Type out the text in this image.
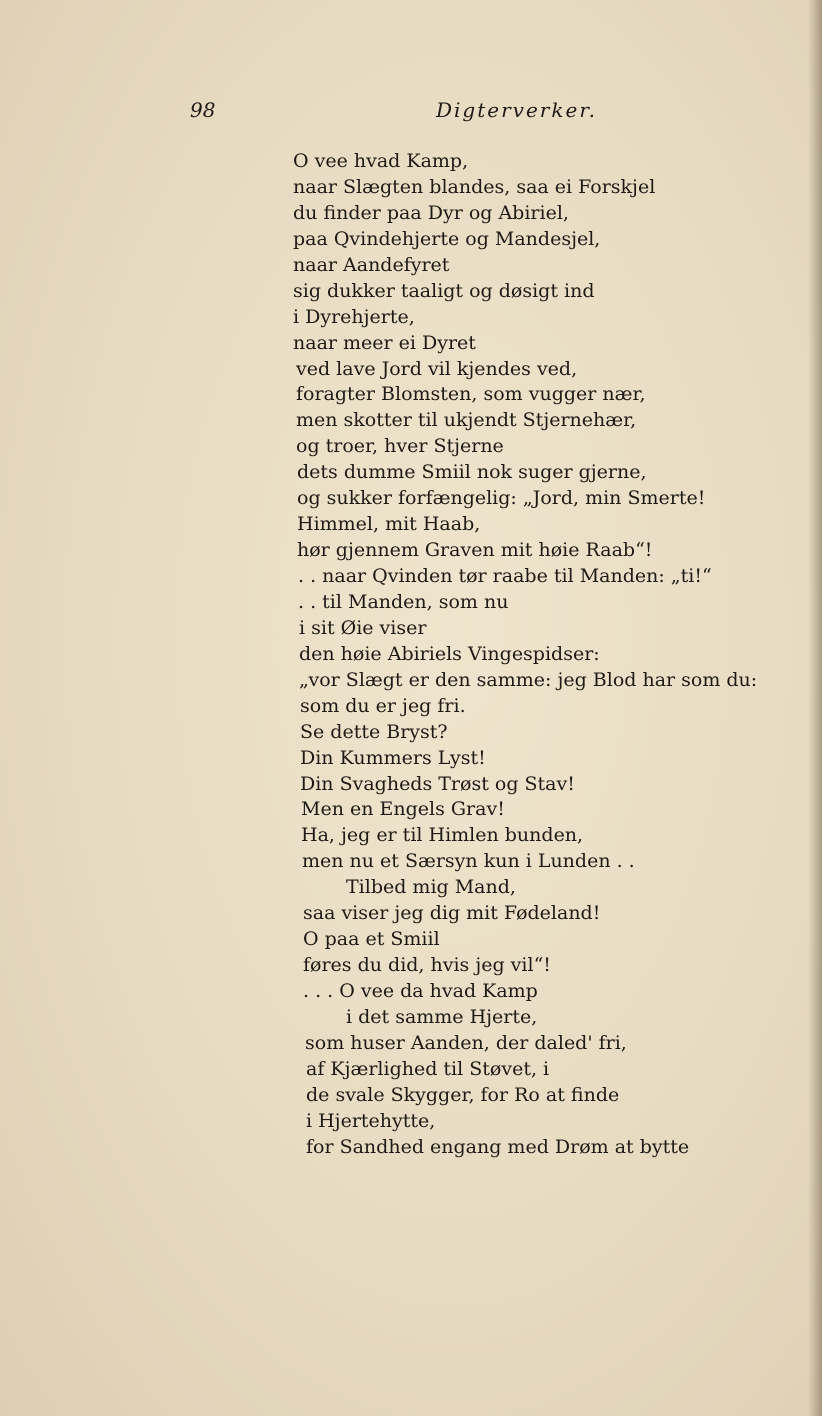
98	Digterverker.
O vee hvad Kamp,
naar Slægten blandes, saa ei Forskjel
du finder paa Dyr og Abiriel,
paa Qvindehjerte og Mandesjel,
naar Aandefyret
sig dukker taaligt og døsigt ind
i Dyrehjerte,
naar meer ei Dyret
ved lave Jord vil kjendes ved,
foragter Blomsten, som vugger nær,
men skotter til ukjendt Stjernehær,
og troer, hver Stjerne
dets dumme Smiil nok suger gjerne,
og sukker forfængelig: „Jord, min Smerte!
Himmel, mit Haab,
hør gjennem Graven mit høie Raab“!
. . naar Qvinden tør raabe til Manden: „ti!“
. . til Manden, som nu
i sit Øie viser
den høie Abiriels Vingespidser:
„vor Slægt er den samme: jeg Blod har som du:
som du er jeg fri.
Se dette Bryst?
Din Kummers Lyst!
Din Svagheds Trøst og Stav!
Men en Engels Grav!
Ha, jeg er til Himlen bunden,
men nu et Særsyn kun i Lunden . .
Tilbed mig Mand,
saa viser jeg dig mit Fødeland!
O paa et Smiil
føres du did, hvis jeg vil“!
. . . O vee da hvad Kamp
i det samme Hjerte,
som huser Aanden, der daled' fri,
af Kjærlighed til Støvet, i
de svale Skygger, for Ro at finde
i Hjertehytte,
for Sandhed engang med Drøm at bytte
